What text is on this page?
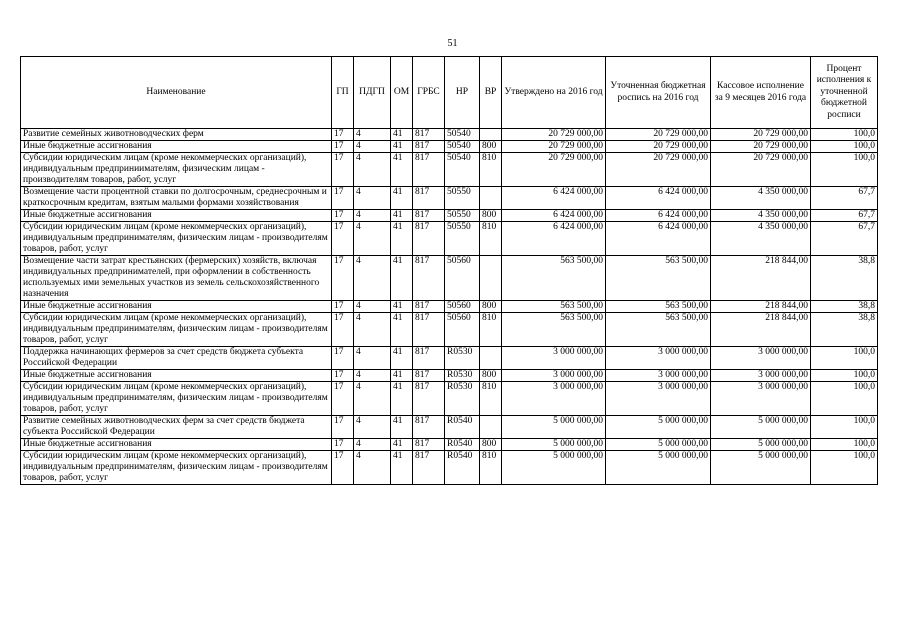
51
Наименование	ГП	ПДГП	ОМ	ГРБС	НР	ВР	Утверждено на 2016 год	Уточненная бюджетная роспись на 2016 год	Кассовое исполнение за 9 месяцев 2016 года	Процент исполнения к уточненной бюджетной росписи
Развитие семейных животноводческих ферм	17	4	41	817	50540		20 729 000,00	20 729 000,00	20 729 000,00	100,0
Иные бюджетные ассигнования	17	4	41	817	50540	800	20 729 000,00	20 729 000,00	20 729 000,00	100,0
Субсидии юридическим лицам (кроме некоммерческих организаций), индивидуальным предприниимателям, физическим лицам - производителям товаров, работ, услуг	17	4	41	817	50540	810	20 729 000,00	20 729 000,00	20 729 000,00	100,0
Возмещение части процентной ставки по долгосрочным, среднесрочным и краткосрочным кредитам, взятым малыми формами хозяйствования	17	4	41	817	50550		6 424 000,00	6 424 000,00	4 350 000,00	67,7
Иные бюджетные ассигнования	17	4	41	817	50550	800	6 424 000,00	6 424 000,00	4 350 000,00	67,7
Субсидии юридическим лицам (кроме некоммерческих организаций), индивидуальным предпринимателям, физическим лицам - производителям товаров, работ, услуг	17	4	41	817	50550	810	6 424 000,00	6 424 000,00	4 350 000,00	67,7
Возмещение части затрат крестьянских (фермерских) хозяйств, включая индивидуальных предпринимателей, при оформлении в собственность используемых ими земельных участков из земель сельскохозяйственного назначения	17	4	41	817	50560		563 500,00	563 500,00	218 844,00	38,8
Иные бюджетные ассигнования	17	4	41	817	50560	800	563 500,00	563 500,00	218 844,00	38,8
Субсидии юридическим лицам (кроме некоммерческих организаций), индивидуальным предпринимателям, физическим лицам - производителям товаров, работ, услуг	17	4	41	817	50560	810	563 500,00	563 500,00	218 844,00	38,8
Поддержка начинающих фермеров за счет средств бюджета субъекта Российской Федерации	17	4	41	817	R0530		3 000 000,00	3 000 000,00	3 000 000,00	100,0
Иные бюджетные ассигнования	17	4	41	817	R0530	800	3 000 000,00	3 000 000,00	3 000 000,00	100,0
Субсидии юридическим лицам (кроме некоммерческих организаций), индивидуальным предпринимателям, физическим лицам - производителям товаров, работ, услуг	17	4	41	817	R0530	810	3 000 000,00	3 000 000,00	3 000 000,00	100,0
Развитие семейных животноводческих ферм за счет средств бюджета субъекта Российской Федерации	17	4	41	817	R0540		5 000 000,00	5 000 000,00	5 000 000,00	100,0
Иные бюджетные ассигнования	17	4	41	817	R0540	800	5 000 000,00	5 000 000,00	5 000 000,00	100,0
Субсидии юридическим лицам (кроме некоммерческих организаций), индивидуальным предпринимателям, физическим лицам - производителям товаров, работ, услуг	17	4	41	817	R0540	810	5 000 000,00	5 000 000,00	5 000 000,00	100,0
